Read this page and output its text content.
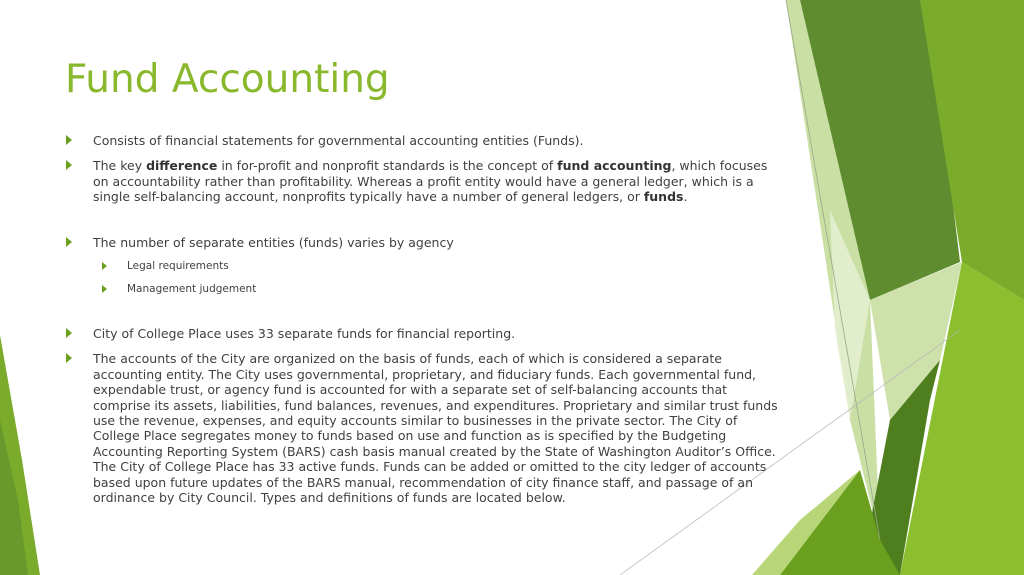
Fund Accounting
Consists of financial statements for governmental accounting entities (Funds).
The key difference in for-profit and nonprofit standards is the concept of fund accounting, which focuses on accountability rather than profitability. Whereas a profit entity would have a general ledger, which is a single self-balancing account, nonprofits typically have a number of general ledgers, or funds.
The number of separate entities (funds) varies by agency
Legal requirements
Management judgement
City of College Place uses 33 separate funds for financial reporting.
The accounts of the City are organized on the basis of funds, each of which is considered a separate accounting entity. The City uses governmental, proprietary, and fiduciary funds. Each governmental fund, expendable trust, or agency fund is accounted for with a separate set of self-balancing accounts that comprise its assets, liabilities, fund balances, revenues, and expenditures. Proprietary and similar trust funds use the revenue, expenses, and equity accounts similar to businesses in the private sector. The City of College Place segregates money to funds based on use and function as is specified by the Budgeting Accounting Reporting System (BARS) cash basis manual created by the State of Washington Auditor’s Office. The City of College Place has 33 active funds. Funds can be added or omitted to the city ledger of accounts based upon future updates of the BARS manual, recommendation of city finance staff, and passage of an ordinance by City Council. Types and definitions of funds are located below.
